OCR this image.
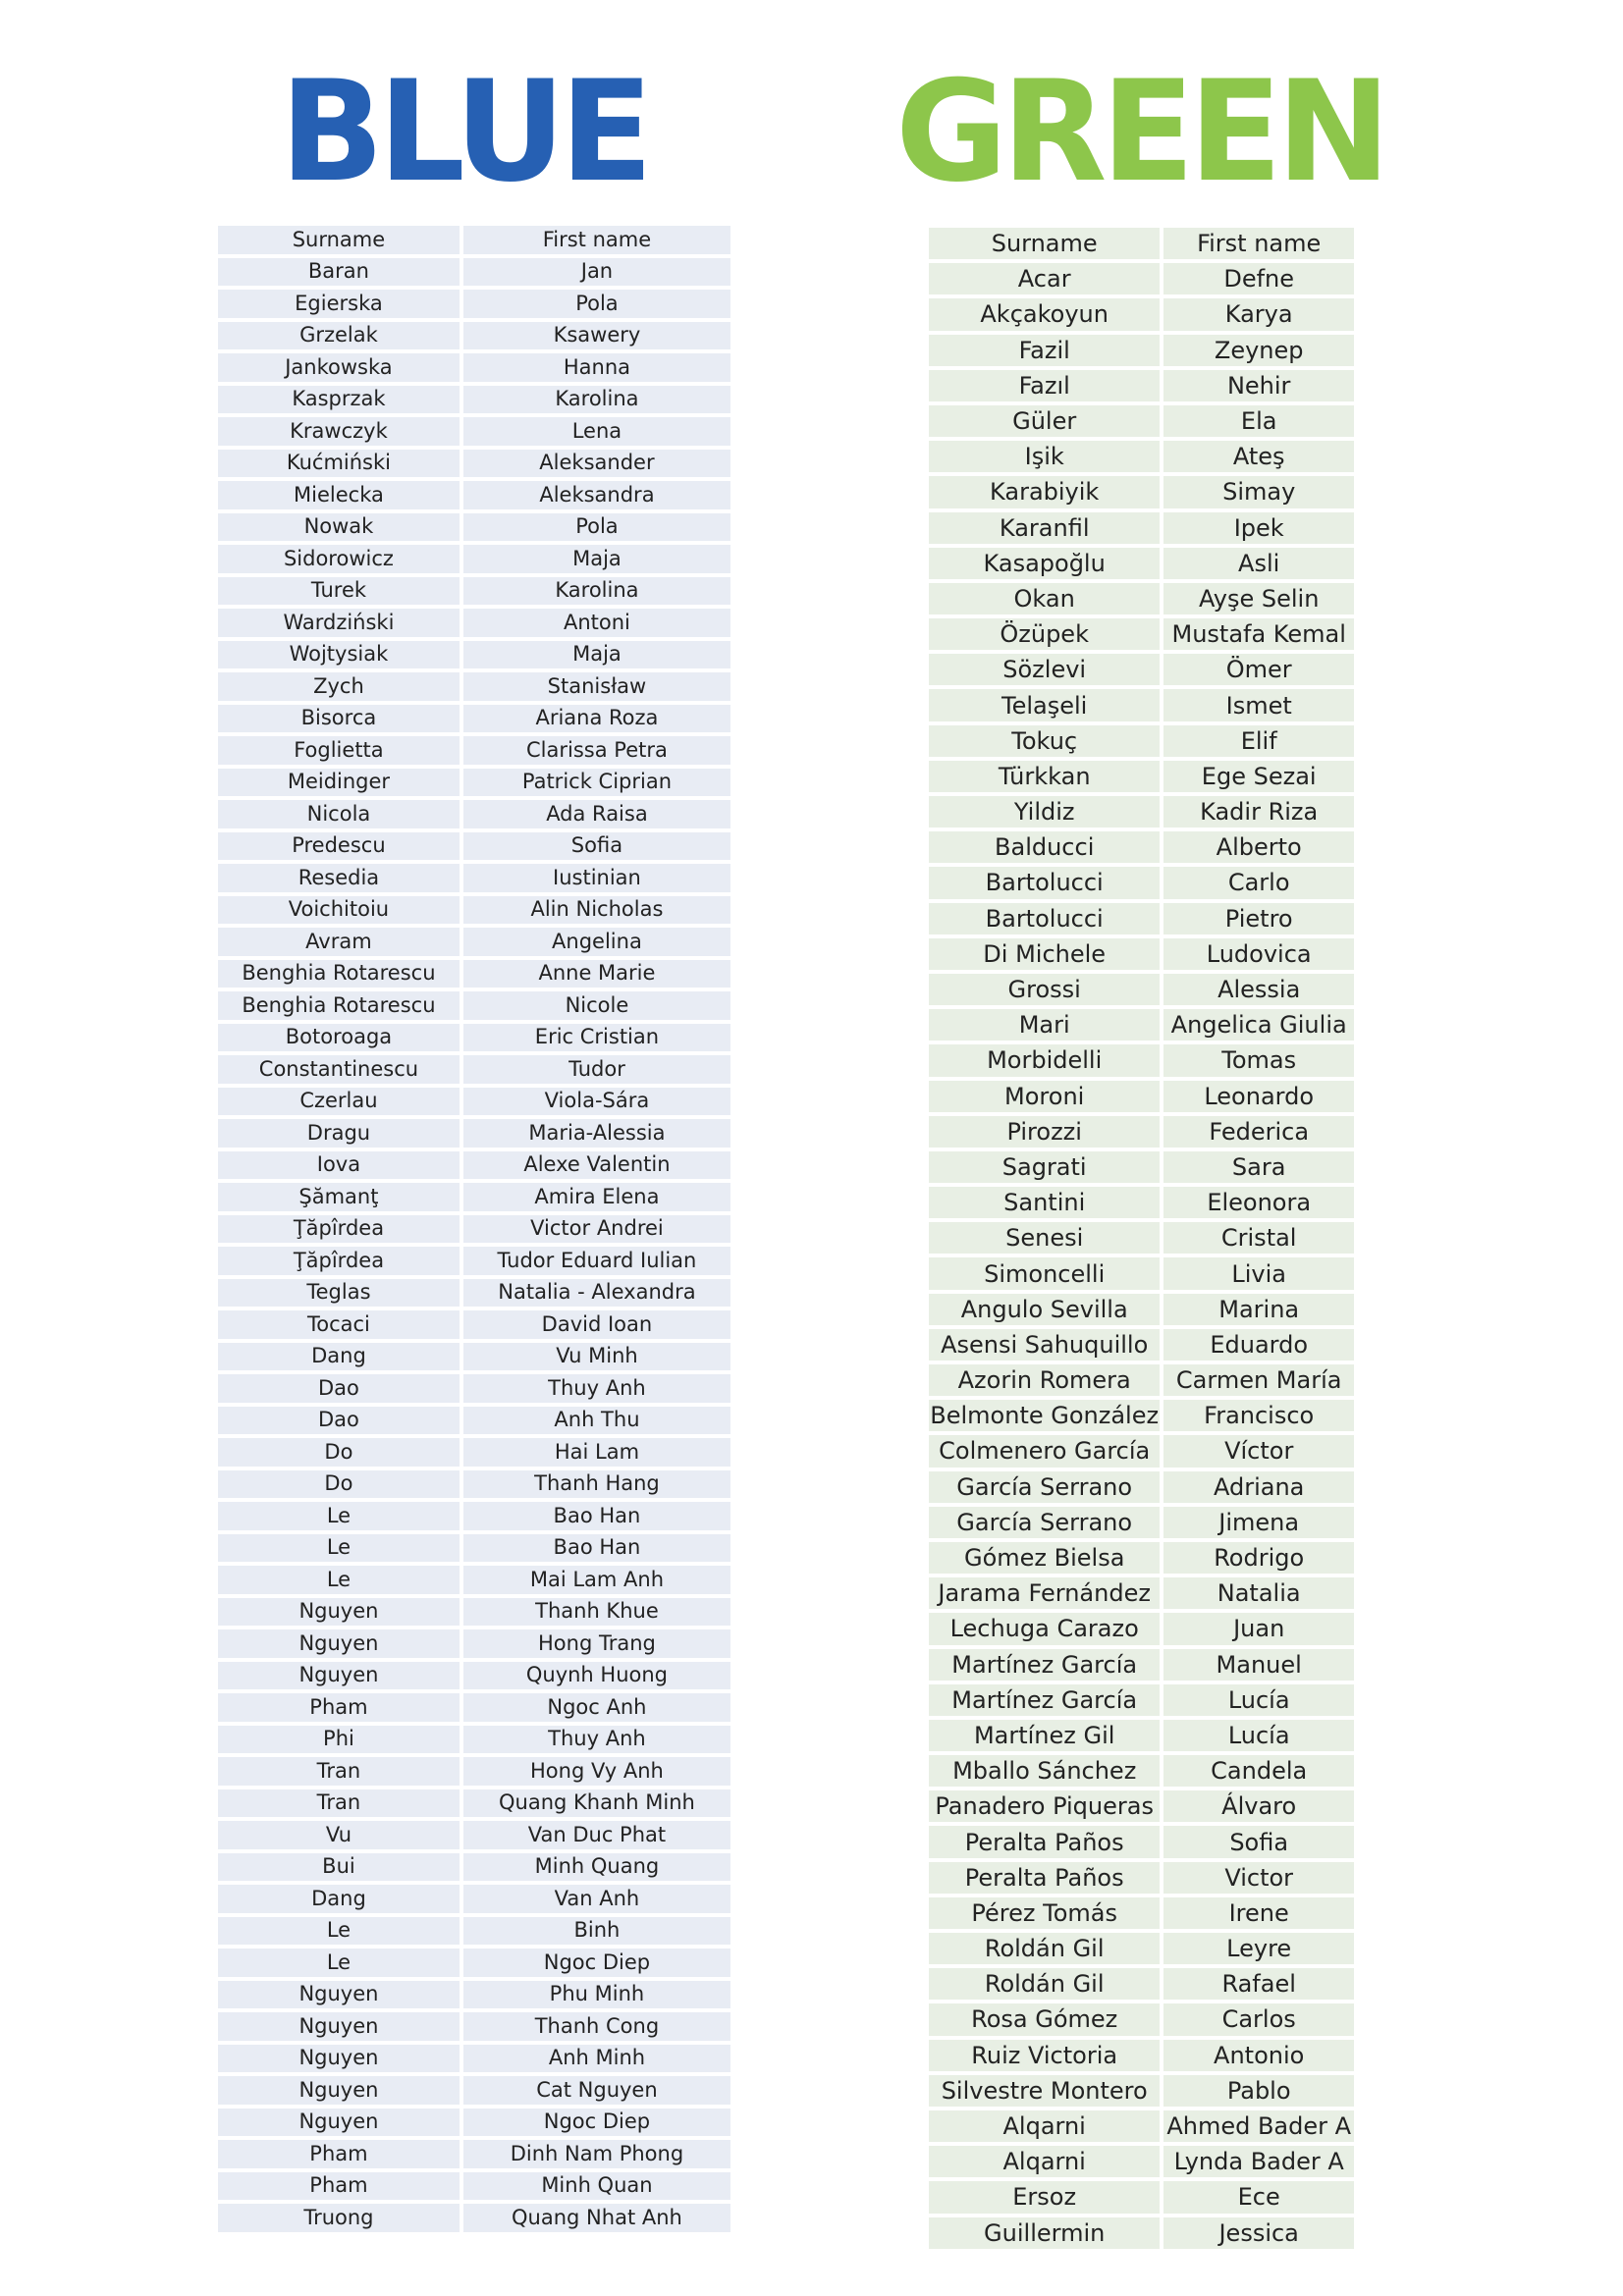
BLUE GREEN
Surname	First name
Baran	Jan
Egierska	Pola
Grzelak	Ksawery
Jankowska	Hanna
Kasprzak	Karolina
Krawczyk	Lena
Kućmiński	Aleksander
Mielecka	Aleksandra
Nowak	Pola
Sidorowicz	Maja
Turek	Karolina
Wardziński	Antoni
Wojtysiak	Maja
Zych	Stanisław
Bisorca	Ariana Roza
Foglietta	Clarissa Petra
Meidinger	Patrick Ciprian
Nicola	Ada Raisa
Predescu	Sofia
Resedia	Iustinian
Voichitoiu	Alin Nicholas
Avram	Angelina
Benghia Rotarescu	Anne Marie
Benghia Rotarescu	Nicole
Botoroaga	Eric Cristian
Constantinescu	Tudor
Czerlau	Viola-Sára
Dragu	Maria-Alessia
Iova	Alexe Valentin
Şămanţ	Amira Elena
Ţăpîrdea	Victor Andrei
Ţăpîrdea	Tudor Eduard Iulian
Teglas	Natalia - Alexandra
Tocaci	David Ioan
Dang	Vu Minh
Dao	Thuy Anh
Dao	Anh Thu
Do	Hai Lam
Do	Thanh Hang
Le	Bao Han
Le	Bao Han
Le	Mai Lam Anh
Nguyen	Thanh Khue
Nguyen	Hong Trang
Nguyen	Quynh Huong
Pham	Ngoc Anh
Phi	Thuy Anh
Tran	Hong Vy Anh
Tran	Quang Khanh Minh
Vu	Van Duc Phat
Bui	Minh Quang
Dang	Van Anh
Le	Binh
Le	Ngoc Diep
Nguyen	Phu Minh
Nguyen	Thanh Cong
Nguyen	Anh Minh
Nguyen	Cat Nguyen
Nguyen	Ngoc Diep
Pham	Dinh Nam Phong
Pham	Minh Quan
Truong	Quang Nhat Anh
Surname	First name
Acar	Defne
Akçakoyun	Karya
Fazil	Zeynep
Fazıl	Nehir
Güler	Ela
Işik	Ateş
Karabiyik	Simay
Karanfil	Ipek
Kasapoğlu	Asli
Okan	Ayşe Selin
Özüpek	Mustafa Kemal
Sözlevi	Ömer
Telaşeli	Ismet
Tokuç	Elif
Türkkan	Ege Sezai
Yildiz	Kadir Riza
Balducci	Alberto
Bartolucci	Carlo
Bartolucci	Pietro
Di Michele	Ludovica
Grossi	Alessia
Mari	Angelica Giulia
Morbidelli	Tomas
Moroni	Leonardo
Pirozzi	Federica
Sagrati	Sara
Santini	Eleonora
Senesi	Cristal
Simoncelli	Livia
Angulo Sevilla	Marina
Asensi Sahuquillo	Eduardo
Azorin Romera	Carmen María
Belmonte González	Francisco
Colmenero García	Víctor
García Serrano	Adriana
García Serrano	Jimena
Gómez Bielsa	Rodrigo
Jarama Fernández	Natalia
Lechuga Carazo	Juan
Martínez García	Manuel
Martínez García	Lucía
Martínez Gil	Lucía
Mballo Sánchez	Candela
Panadero Piqueras	Álvaro
Peralta Paños	Sofia
Peralta Paños	Victor
Pérez Tomás	Irene
Roldán Gil	Leyre
Roldán Gil	Rafael
Rosa Gómez	Carlos
Ruiz Victoria	Antonio
Silvestre Montero	Pablo
Alqarni	Ahmed Bader A
Alqarni	Lynda Bader A
Ersoz	Ece
Guillermin	Jessica
